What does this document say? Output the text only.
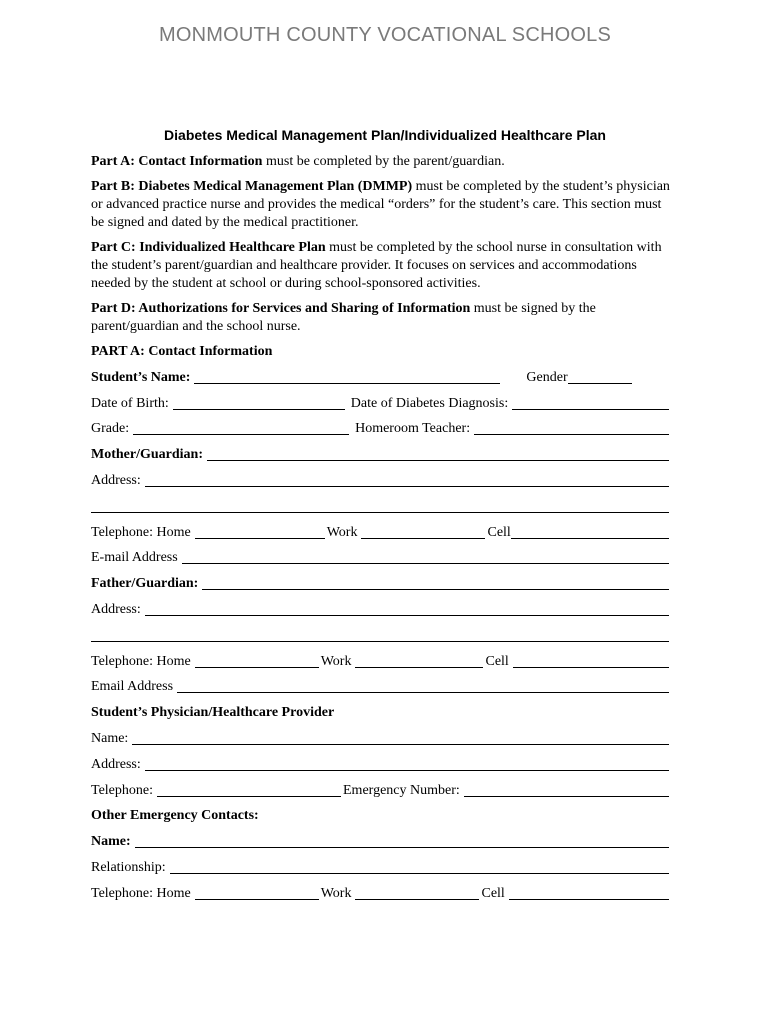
MONMOUTH COUNTY VOCATIONAL SCHOOLS
Diabetes Medical Management Plan/Individualized Healthcare Plan

Part A: Contact Information must be completed by the parent/guardian.

Part B: Diabetes Medical Management Plan (DMMP) must be completed by the student’s physician or advanced practice nurse and provides the medical “orders” for the student’s care. This section must be signed and dated by the medical practitioner.

Part C: Individualized Healthcare Plan must be completed by the school nurse in consultation with the student’s parent/guardian and healthcare provider. It focuses on services and accommodations needed by the student at school or during school-sponsored activities.

Part D: Authorizations for Services and Sharing of Information must be signed by the parent/guardian and the school nurse.

PART A: Contact Information
Student’s Name:	Gender
Date of Birth:	Date of Diabetes Diagnosis:
Grade:	Homeroom Teacher:
Mother/Guardian:
Address:
Telephone: Home	Work	Cell
E-mail Address
Father/Guardian:
Address:
Telephone: Home	Work	Cell
Email Address
Student’s Physician/Healthcare Provider
Name:
Address:
Telephone:	Emergency Number:
Other Emergency Contacts:
Name:
Relationship:
Telephone: Home	Work	Cell
